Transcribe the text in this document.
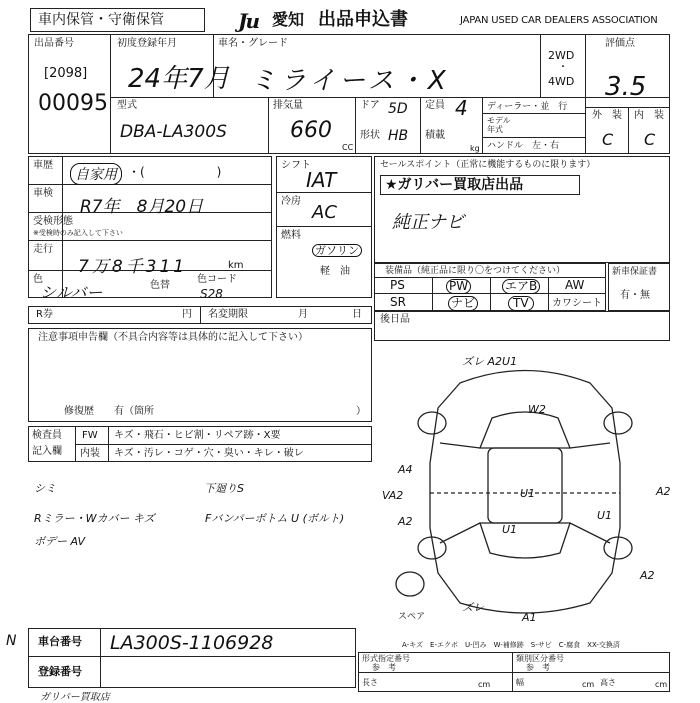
車内保管・守衛保管	Ju 愛知 出品申込書	JAPAN USED CAR DEALERS ASSOCIATION
出品番号
[2098]
00095
初度登録年月
24年7月
車名・グレード
ミライース・X
2WD
・
4WD
評価点
3.5
外　装 内　装
C C
型式
DBA-LA300S
排気量
660
CC
ドア 5D
形状 HB
定員 4
積載
kg
ディーラー・並　行
モデル
年式
ハンドル　左・右
車歴
自家用 ・(　　　　　　)
車検
R7年　8月20日
受検形態
※受検時のみ記入して下さい
走行
7万8千311	km
色
シルバー	色替
色コード
S28
シフト
IAT
冷房
AC
燃料
ガソリン
軽　油
セールスポイント（正常に機能するものに限ります）
★ガリバー買取店出品
純正ナビ
装備品（純正品に限り〇をつけてください）
PS	PW	エアB AW
SR	ナビ	TV	カワシート
新車保証書
有・無
R券	円 名変期限	月	日 後日品
注意事項申告欄（不具合内容等は具体的に記入して下さい）
修復歴　　有（箇所	）
検査員
記入欄
FW キズ・飛石・ヒビ割・リペア跡・X要
内装 キズ・汚レ・コゲ・穴・臭い・キレ・破レ
シミ	下廻りS
Rミラー・Wカバー キズ	Fバンパーボトム U (ボルト)
ボデー AV
ズレ A2U1
W2
A4
VA2	U1
U1
A2
U1
A2
A2
A1
ズレ
スペア
A-キズ　E-エクボ　U-凹み　W-補修跡　S-サビ　C-腐食　XX-交換済
N 車台番号 LA300S-1106928
登録番号
ガリバー買取店
形式指定番号
参　考
類別区分番号
参　考
長さ	cm	幅	cm 高さ	cm
